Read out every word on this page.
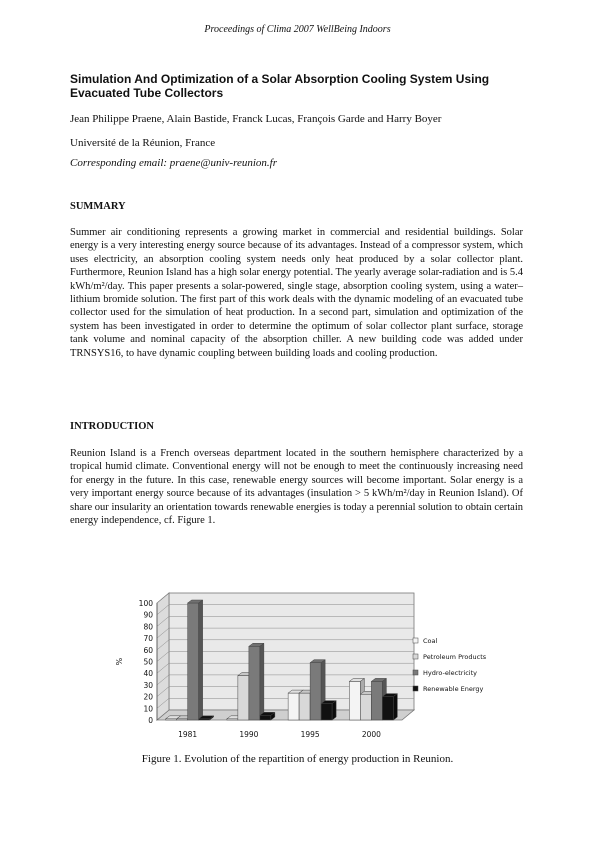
Proceedings of Clima 2007 WellBeing Indoors
Simulation And Optimization of a Solar Absorption Cooling System Using Evacuated Tube Collectors
Jean Philippe Praene, Alain Bastide, Franck Lucas, François Garde and Harry Boyer
Université de la Réunion, France
Corresponding email: praene@univ-reunion.fr
SUMMARY
Summer air conditioning represents a growing market in commercial and residential buildings. Solar energy is a very interesting energy source because of its advantages. Instead of a compressor system, which uses electricity, an absorption cooling system needs only heat produced by a solar collector plant. Furthermore, Reunion Island has a high solar energy potential. The yearly average solar-radiation and is 5.4 kWh/m²/day. This paper presents a solar-powered, single stage, absorption cooling system, using a water–lithium bromide solution. The first part of this work deals with the dynamic modeling of an evacuated tube collector used for the simulation of heat production. In a second part, simulation and optimization of the system has been investigated in order to determine the optimum of solar collector plant surface, storage tank volume and nominal capacity of the absorption chiller. A new building code was added under TRNSYS16, to have dynamic coupling between building loads and cooling production.
INTRODUCTION
Reunion Island is a French overseas department located in the southern hemisphere characterized by a tropical humid climate. Conventional energy will not be enough to meet the continuously increasing need for energy in the future. In this case, renewable energy sources will become important. Solar energy is a very important energy source because of its advantages (insulation > 5 kWh/m²/day in Reunion Island). Of share our insularity an orientation towards renewable energies is today a perennial solution to obtain certain energy independence, cf. Figure 1.
0
10
20
30
40
50
60
70
80
90
100
%
1981	1990	1995	2000
Coal
Petroleum Products
Hydro-electricity
Renewable Energy
Figure 1. Evolution of the repartition of energy production in Reunion.
